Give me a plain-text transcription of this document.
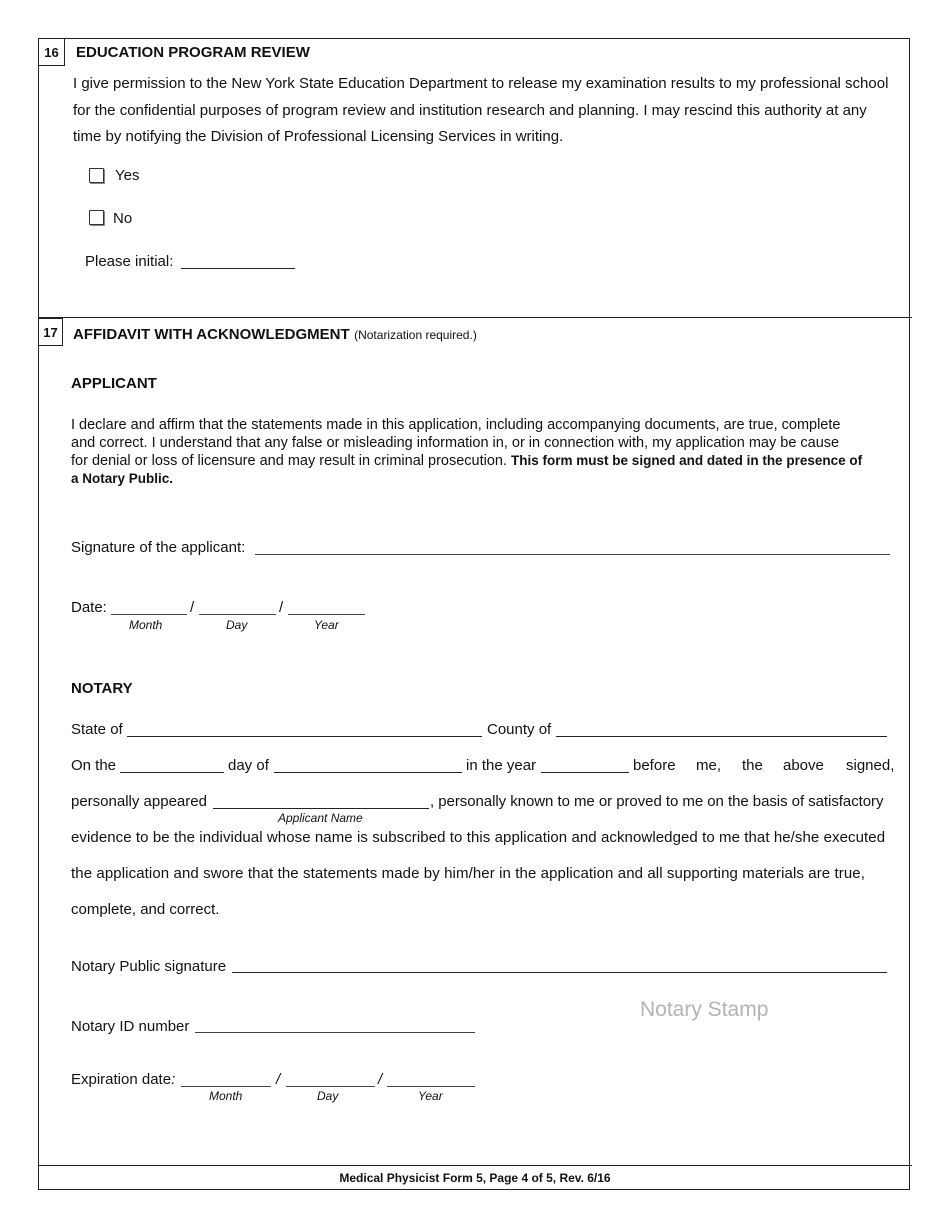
16	EDUCATION PROGRAM REVIEW
I give permission to the New York State Education Department to release my examination results to my professional school
for the confidential purposes of program review and institution research and planning. I may rescind this authority at any
time by notifying the Division of Professional Licensing Services in writing.
Yes
No
Please initial:
17	AFFIDAVIT WITH ACKNOWLEDGMENT (Notarization required.)
APPLICANT
I declare and affirm that the statements made in this application, including accompanying documents, are true, complete
and correct. I understand that any false or misleading information in, or in connection with, my application may be cause
for denial or loss of licensure and may result in criminal prosecution. This form must be signed and dated in the presence of
a Notary Public.
Signature of the applicant:
Date:	/	/
Month	Day	Year
NOTARY
State of	County of
On the	day of	in the year	before me, the above signed,
personally appeared	, personally known to me or proved to me on the basis of satisfactory
Applicant Name
evidence to be the individual whose name is subscribed to this application and acknowledged to me that he/she executed
the application and swore that the statements made by him/her in the application and all supporting materials are true,
complete, and correct.
Notary Public signature
Notary Stamp
Notary ID number
Expiration date:	/	/
Month	Day	Year
Medical Physicist Form 5, Page 4 of 5, Rev. 6/16
